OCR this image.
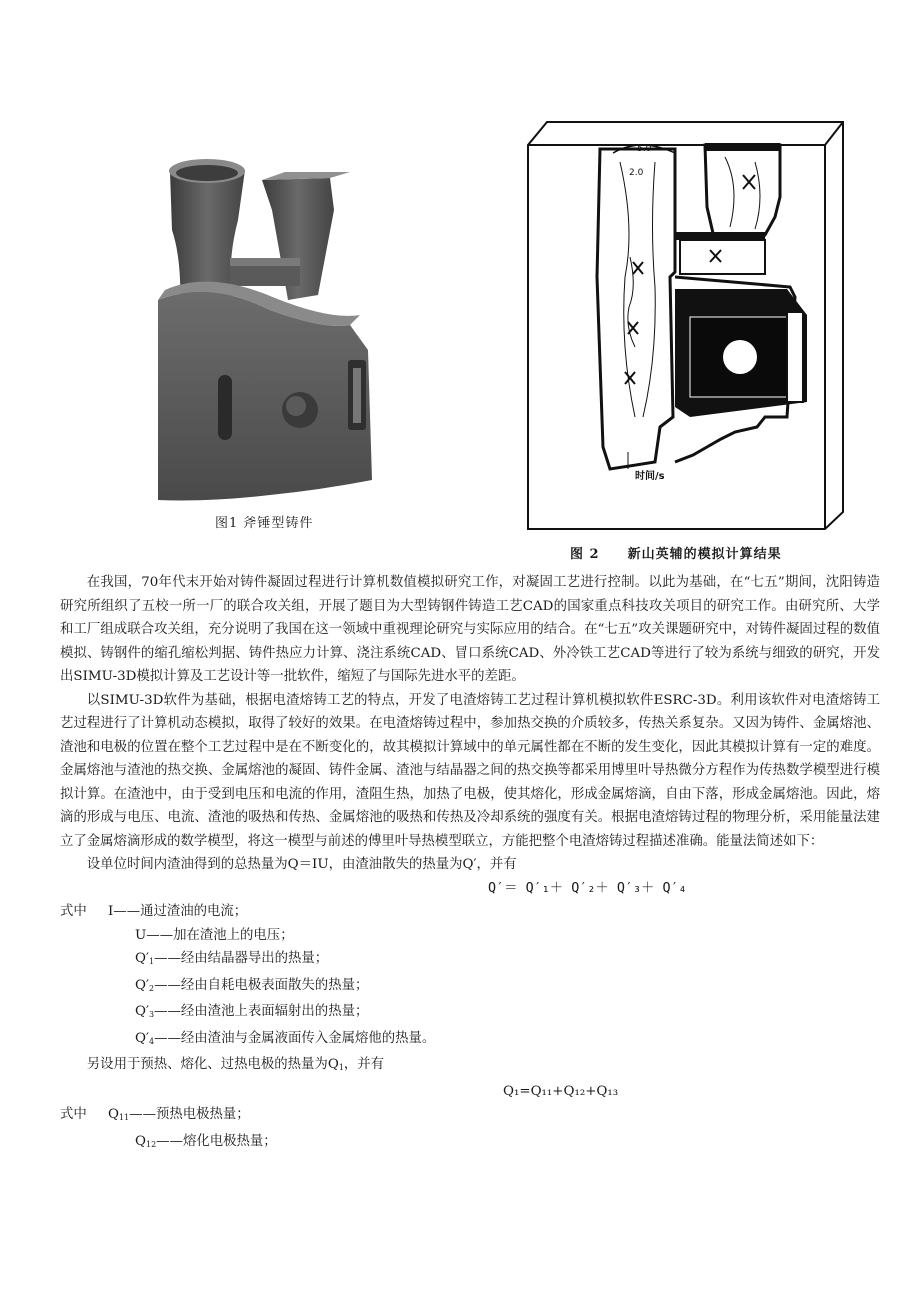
图1 斧锤型铸件
5.0
2.0
时间/s
图 2 新山英辅的模拟计算结果

在我国，70年代末开始对铸件凝固过程进行计算机数值模拟研究工作，对凝固工艺进行控制。以此为基础，在“七五”期间，沈阳铸造研究所组织了五校一所一厂的联合攻关组，开展了题目为大型铸钢件铸造工艺CAD的国家重点科技攻关项目的研究工作。由研究所、大学和工厂组成联合攻关组，充分说明了我国在这一领域中重视理论研究与实际应用的结合。在“七五”攻关课题研究中，对铸件凝固过程的数值模拟、铸钢件的缩孔缩松判据、铸件热应力计算、浇注系统CAD、冒口系统CAD、外冷铁工艺CAD等进行了较为系统与细致的研究，开发出SIMU-3D模拟计算及工艺设计等一批软件，缩短了与国际先进水平的差距。

以SIMU-3D软件为基础，根据电渣熔铸工艺的特点，开发了电渣熔铸工艺过程计算机模拟软件ESRC-3D。利用该软件对电渣熔铸工艺过程进行了计算机动态模拟，取得了较好的效果。在电渣熔铸过程中，参加热交换的介质较多，传热关系复杂。又因为铸件、金属熔池、渣池和电极的位置在整个工艺过程中是在不断变化的，故其模拟计算域中的单元属性都在不断的发生变化，因此其模拟计算有一定的难度。金属熔池与渣池的热交换、金属熔池的凝固、铸件金属、渣池与结晶器之间的热交换等都采用博里叶导热微分方程作为传热数学模型进行模拟计算。在渣池中，由于受到电压和电流的作用，渣阻生热，加热了电极，使其熔化，形成金属熔滴，自由下落，形成金属熔池。因此，熔滴的形成与电压、电流、渣池的吸热和传热、金属熔池的吸热和传热及冷却系统的强度有关。根据电渣熔铸过程的物理分析，采用能量法建立了金属熔滴形成的数学模型，将这一模型与前述的傅里叶导热模型联立，方能把整个电渣熔铸过程描述准确。能量法简述如下：

设单位时间内渣油得到的总热量为Q＝IU，由渣油散失的热量为Q′，并有

Q′＝ Q′₁＋ Q′₂＋ Q′₃＋ Q′₄

式中 I——通过渣油的电流；

U——加在渣池上的电压；

$Q'_1——$经由结晶器导出的热量；

$Q'_2——$经由自耗电极表面散失的热量；

$Q'_3——$经由渣池上表面辐射出的热量；

$Q'_4——$经由渣油与金属液面传入金属熔他的热量。

另设用于预热、熔化、过热电极的热量为$Q_1$，并有

Q₁=Q₁₁+Q₁₂+Q₁₃

式中 $Q_{11}——$预热电极热量；

$Q_{12}——$熔化电极热量；
